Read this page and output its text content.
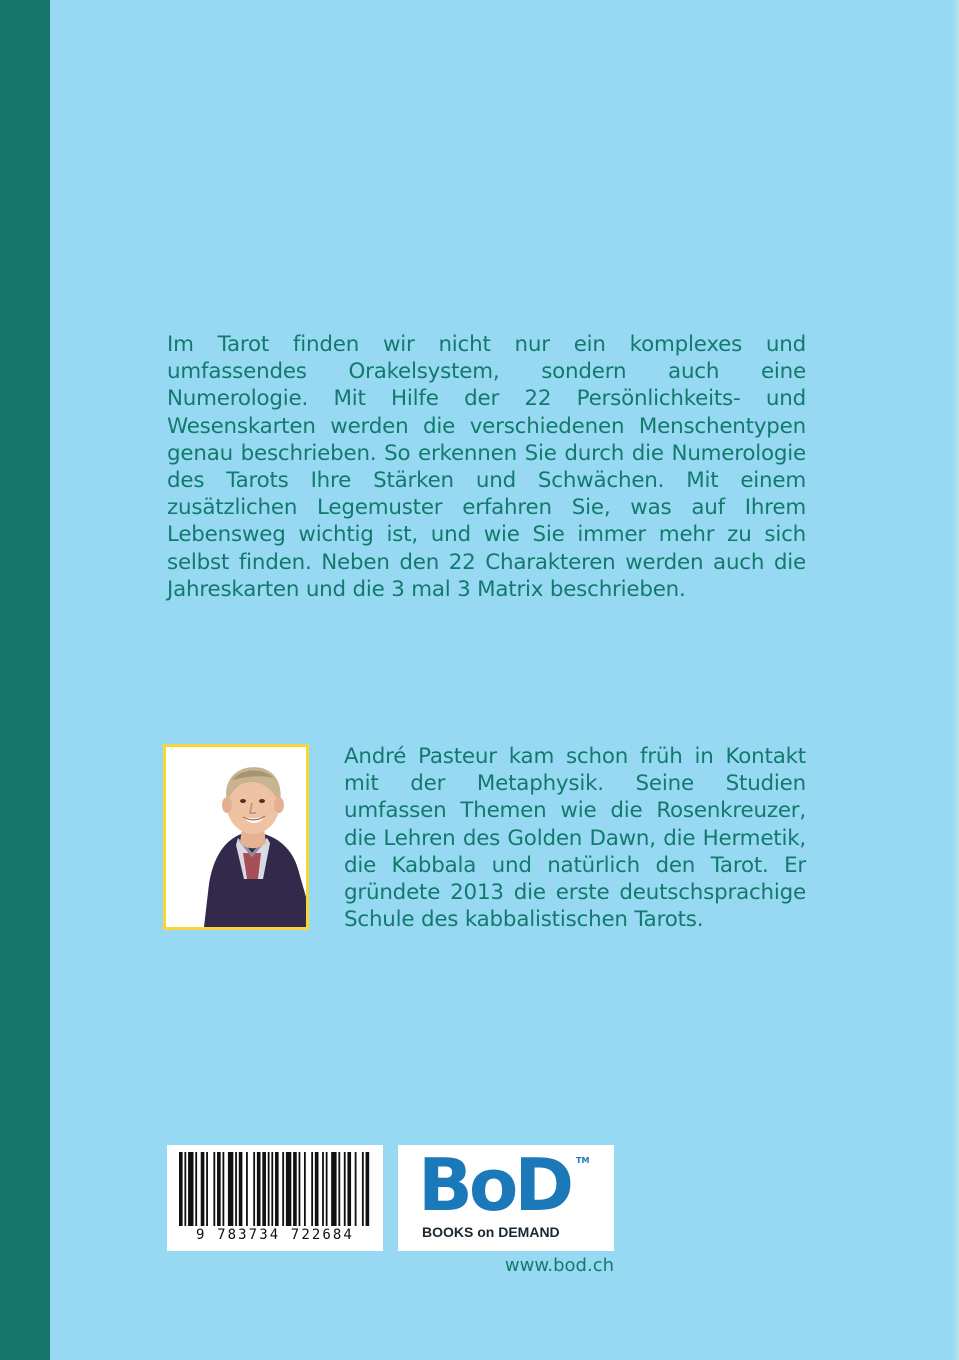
Im Tarot finden wir nicht nur ein komplexes und umfassendes Orakelsystem, sondern auch eine Numerologie. Mit Hilfe der 22 Persönlichkeits- und Wesenskarten werden die verschiedenen Menschentypen genau beschrieben. So erkennen Sie durch die Numerologie des Tarots Ihre Stärken und Schwächen. Mit einem zusätzlichen Legemuster erfahren Sie, was auf Ihrem Lebensweg wichtig ist, und wie Sie immer mehr zu sich selbst finden. Neben den 22 Charakteren werden auch die Jahreskarten und die 3 mal 3 Matrix beschrieben.

André Pasteur kam schon früh in Kontakt mit der Metaphysik. Seine Studien umfassen Themen wie die Rosenkreuzer, die Lehren des Golden Dawn, die Hermetik, die Kabbala und natürlich den Tarot. Er gründete 2013 die erste deutschsprachige Schule des kabbalistischen Tarots.

9 783734 722684
BoD TM
BOOKS on DEMAND
www.bod.ch
